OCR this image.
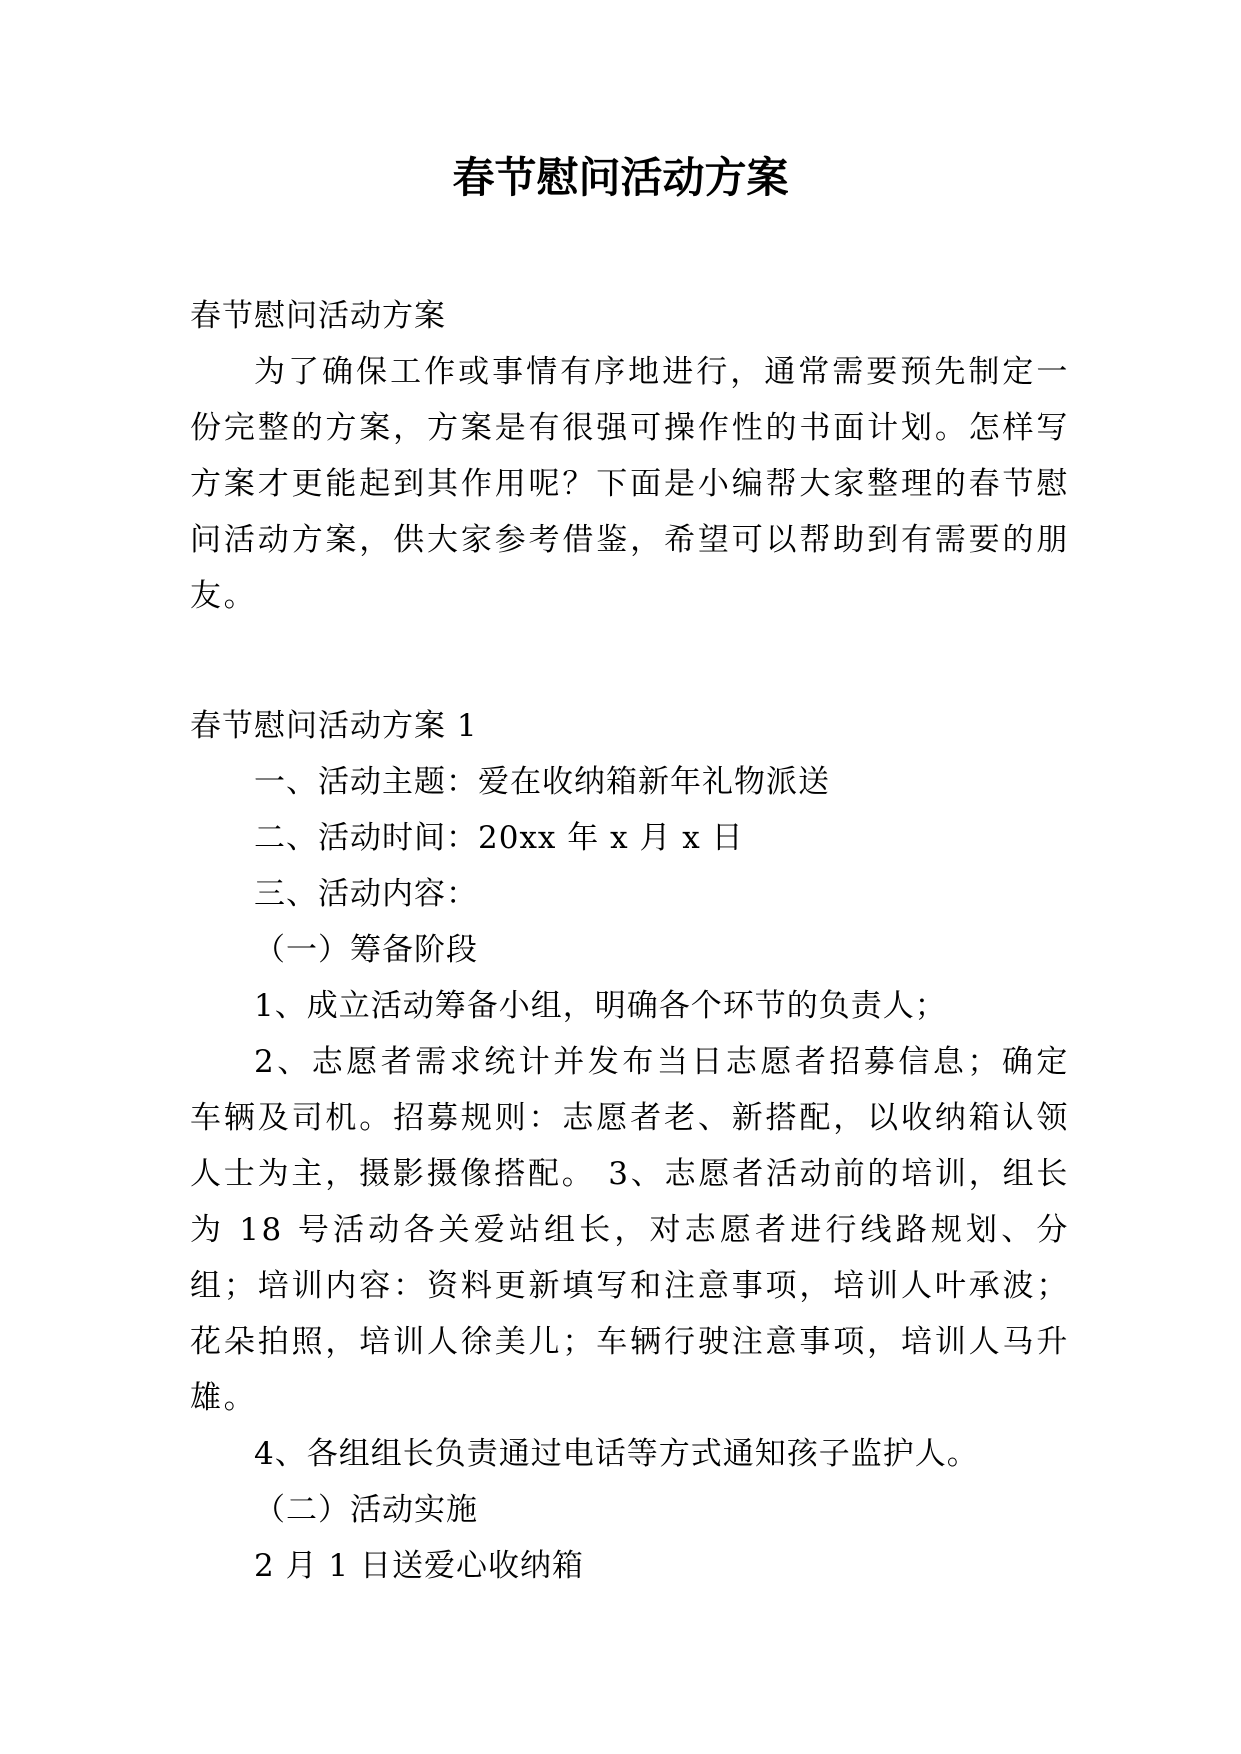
春节慰问活动方案
春节慰问活动方案
为了确保工作或事情有序地进行，通常需要预先制定一份完整的方案，方案是有很强可操作性的书面计划。怎样写方案才更能起到其作用呢？下面是小编帮大家整理的春节慰问活动方案，供大家参考借鉴，希望可以帮助到有需要的朋友。
春节慰问活动方案 1
一、活动主题：爱在收纳箱新年礼物派送
二、活动时间：20xx 年 x 月 x 日
三、活动内容：
（一）筹备阶段
1、成立活动筹备小组，明确各个环节的负责人；
2、志愿者需求统计并发布当日志愿者招募信息；确定车辆及司机。招募规则：志愿者老、新搭配，以收纳箱认领人士为主，摄影摄像搭配。 3、志愿者活动前的培训，组长为 18 号活动各关爱站组长，对志愿者进行线路规划、分组；培训内容：资料更新填写和注意事项，培训人叶承波；花朵拍照，培训人徐美儿；车辆行驶注意事项，培训人马升雄。
4、各组组长负责通过电话等方式通知孩子监护人。
（二）活动实施
2 月 1 日送爱心收纳箱
